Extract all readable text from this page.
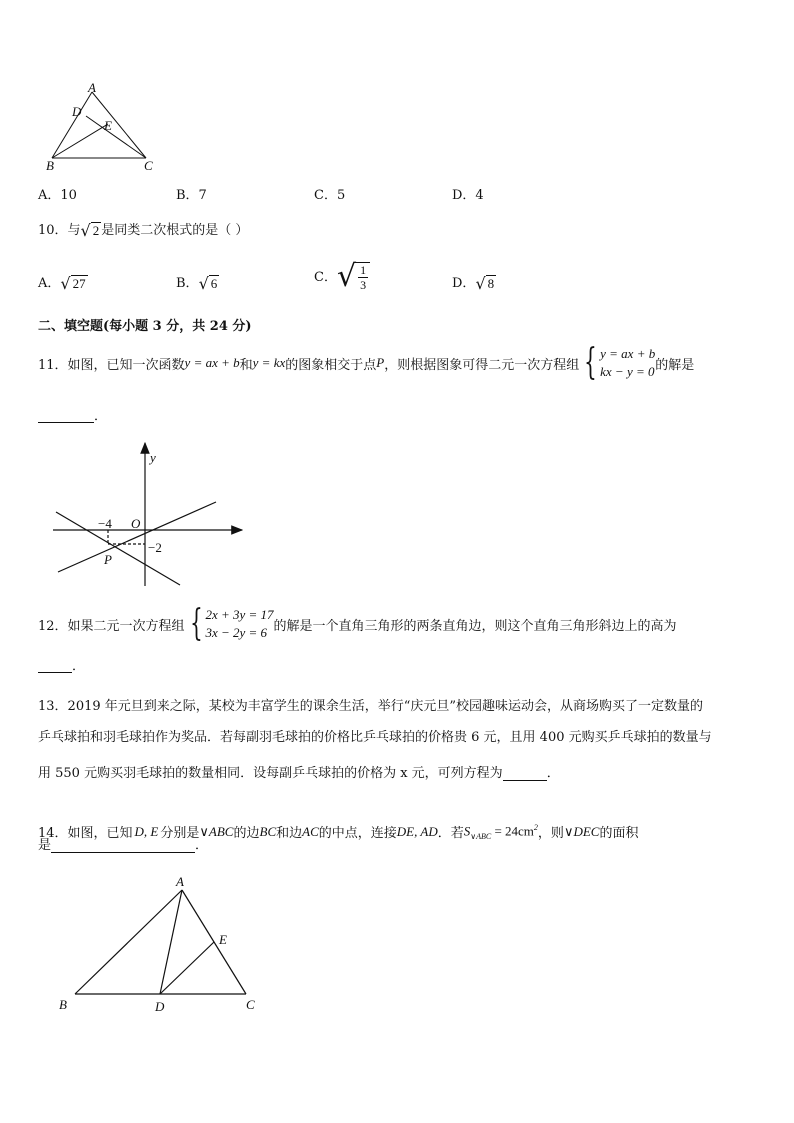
A
D
E
B	C
A．10	B．7	C．5	D．4
10．与 √ 2 是同类二次根式的是（ ）
A． √ 27	B． √ 6	C． √ $\frac{1}{3}$	D． √ 8
二、填空题(每小题 3 分，共 24 分)
11．如图，已知一次函数 y = ax + b 和 y = kx 的图象相交于点 P ，则根据图象可得二元一次方程组 { y = ax + b
kx − y = 0 的解是
．
y
O
−4
−2
P
12．如果二元一次方程组 { 2x + 3y = 17
3x − 2y = 6 的解是一个直角三角形的两条直角边，则这个直角三角形斜边上的高为
．
13．2019 年元旦到来之际，某校为丰富学生的课余生活，举行“庆元旦”校园趣味运动会，从商场购买了一定数量的
乒乓球拍和羽毛球拍作为奖品．若每副羽毛球拍的价格比乒乓球拍的价格贵 6 元，且用 400 元购买乒乓球拍的数量与
用 550 元购买羽毛球拍的数量相同．设每副乒乓球拍的价格为 x 元，可列方程为	．
14．如图，已知 D, E 分别是 ∨ABC 的边 BC 和边 AC 的中点，连接 DE, AD ．若 $S_{\vee ABC} = 24cm^2$ ，则 ∨DEC 的面积
是	．
A
E
B	D	C
